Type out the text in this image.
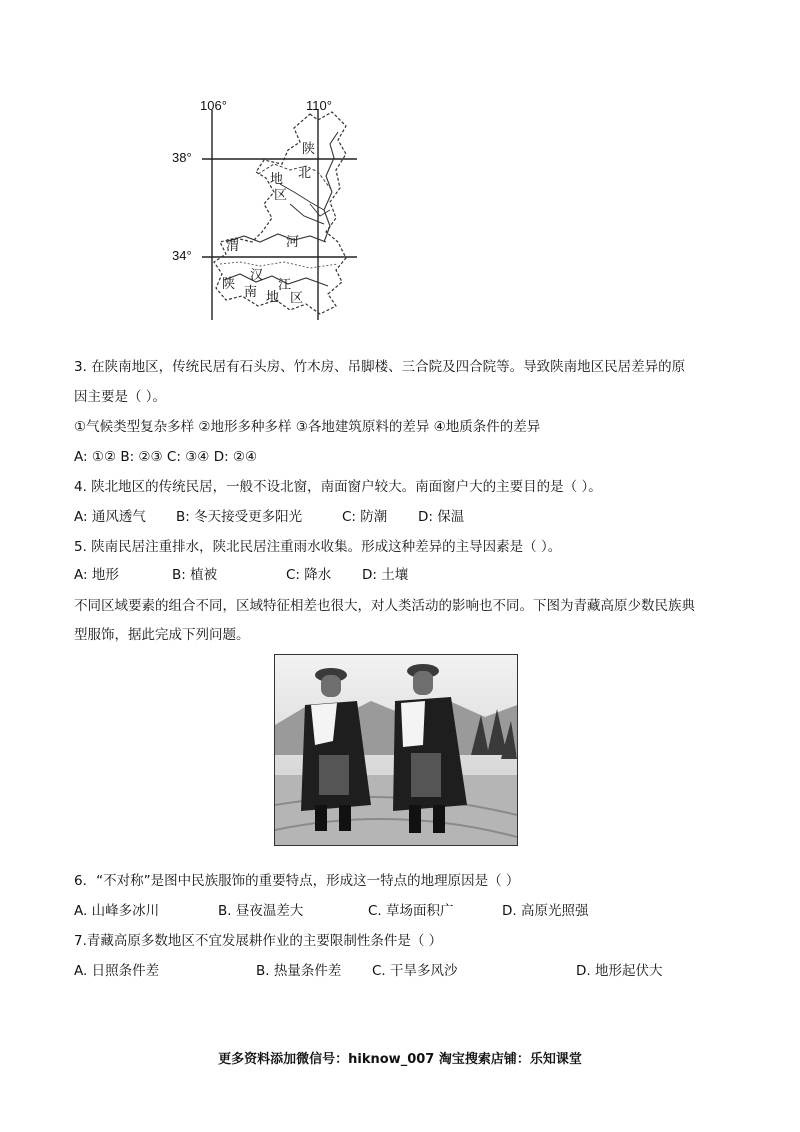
106°	110°
38°
34°
陕
北
地
区
渭	河
陕
汉
南 江
地 区
3. 在陕南地区，传统民居有石头房、竹木房、吊脚楼、三合院及四合院等。导致陕南地区民居差异的原
因主要是（ ）。
①气候类型复杂多样 ②地形多种多样 ③各地建筑原料的差异 ④地质条件的差异
A: ①② B: ②③ C: ③④ D: ②④
4. 陕北地区的传统民居，一般不设北窗，南面窗户较大。南面窗户大的主要目的是（ ）。
A: 通风透气 B: 冬天接受更多阳光	C: 防潮 D: 保温
5. 陕南民居注重排水，陕北民居注重雨水收集。形成这种差异的主导因素是（ ）。
A: 地形	B: 植被	C: 降水 D: 土壤
不同区域要素的组合不同，区域特征相差也很大，对人类活动的影响也不同。下图为青藏高原少数民族典
型服饰，据此完成下列问题。
6．“不对称”是图中民族服饰的重要特点，形成这一特点的地理原因是（ ）
A. 山峰多冰川	B. 昼夜温差大	C. 草场面积广	D. 高原光照强
7.青藏高原多数地区不宜发展耕作业的主要限制性条件是（ ）
A. 日照条件差	B. 热量条件差 C. 干旱多风沙	D. 地形起伏大
更多资料添加微信号：hiknow_007 淘宝搜索店铺：乐知课堂
